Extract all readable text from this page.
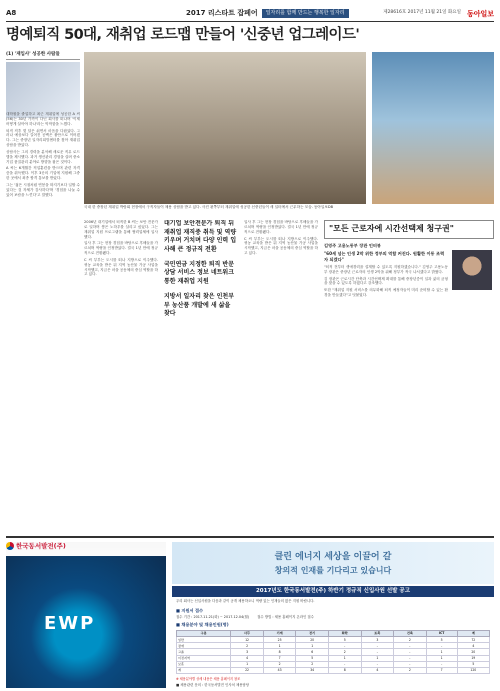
A8	2017 리스타트 잡페어	일자리를 함께 만드는 행복한 일자리	제28616호 2017년 11월 21일 화요일 동아일보
명예퇴직 50대, 재취업 로드맵 만들어 '신중년 업그레이드'
(1) '재입사' 성공한 사람들
국내 한 중장년 재취업 박람회 현장에서 구직자들이 채용 상담을 받고 있다. 사진 왼쪽부터 재취업에 성공한 신중년들이 새 일터에서 근무하는 모습. 동아일보DB

대학원을 졸업하고 최근 재취업에 성공한 A 씨(56)는 30년 가까이 다닌 회사를 떠나며 '이제 어떻게 살아야 하나'라는 막막함을 느꼈다.

퇴직 직후 몇 달은 쉬면서 마음을 다잡았다. 그러나 예상보다 길어진 공백은 불안으로 이어졌다. 그는 중장년 일자리희망센터를 찾아 재취업 상담을 받았다.

상담사는 그의 경력을 분석해 새로운 직무 로드맵을 제시했다. 과거 생산관리 경험을 살려 중소기업 품질관리 분야로 방향을 잡은 것이다.

A 씨는 6개월간 직업훈련을 받으며 관련 자격증을 취득했다. 이후 3곳의 기업에 지원해 그중 한 곳에서 최종 합격 통보를 받았다.

그는 '젊은 시절처럼 연봉을 따지기보다 일할 수 있다는 것 자체가 감사하다'며 '경험을 나눌 수 있어 보람을 느낀다'고 말했다.

2006년 대기업에서 퇴직한 B 씨는 보안 전문가로 일하며 쌓은 노하우를 살리고 싶었다. 그는 재취업 지원 프로그램을 통해 협력업체에 입사했다.

입사 후 그는 현장 경험을 바탕으로 후배들을 가르치며 역량을 인정받았다. 결국 1년 만에 정규직으로 전환됐다.

C 씨 부부는 도시를 떠나 지방으로 이주했다. 귀농 교육을 받은 뒤 지역 농산물 가공 사업을 시작했고, 지금은 마을 공동체의 중심 역할을 하고 있다.

대기업 보안전문가 퇴직 뒤 재취업 재직중 취득 및 역량 키우며 거치며 다양 인력 입사해 큰 정규직 전환
국민연금 지정한 퇴직 반문 상담 서비스 정보 네트워크 통한 재취업 지원
지방서 일자리 찾은 인천부부 농산품 개발에 새 삶을 찾다

입사 후 그는 현장 경험을 바탕으로 후배들을 가르치며 역량을 인정받았다. 결국 1년 만에 정규직으로 전환됐다.

C 씨 부부는 도시를 떠나 지방으로 이주했다. 귀농 교육을 받은 뒤 지역 농산물 가공 사업을 시작했고, 지금은 마을 공동체의 중심 역할을 하고 있다.

"모든 근로자에 시간선택제 청구권"
김영주 고용노동부 장관 인터뷰
"60세 넘는 인생 2막 위한 정부의 역할 커진다. 원활한 이동 조력자 되겠다"

"퇴직 전부터 생애경력을 설계할 수 있도록 지원하겠습니다." 김영주 고용노동부 장관은 중장년 근로자의 인생 2막을 위해 정부가 적극 나서겠다고 밝혔다.

김 장관은 근로시간 단축과 시간선택제 확대를 통해 중장년층이 일과 삶의 균형을 찾을 수 있도록 하겠다고 강조했다.

또한 "재취업 지원 서비스를 의무화해 퇴직 예정자들이 미리 준비할 수 있는 환경을 만들겠다"고 덧붙였다.

한국동서발전(주)
EWP
클린 에너지 세상을 이끌어 갈
창의적 인재를 기다리고 있습니다
2017년도 한국동서발전(주) 하반기 정규직 신입사원 선발 공고
우리 회사는 신입사원을 다음과 같이 공개 채용하오니 역량 있는 인재들의 많은 지원 바랍니다.
■ 지원서 접수
접수 기간 : 2017.11.21(화) ~ 2017.12.04(월) 접수 방법 : 채용 홈페이지 온라인 접수
■ 채용분야 및 채용인원(명)
구분	사무	기계	전기	화학	토목	건축	ICT	계
일반	12	25	20	5	3	2	5	72
장애	2	1	1	-	-	-	-	4
고졸	3	8	6	2	-	-	1	20
이전지역	4	7	5	1	1	-	1	19
보훈	1	2	2	-	-	-	-	5
계	22	43	34	8	4	2	7	120
※ 채용분야별 상세 내용은 채용 홈페이지 참조
■ 채용관련 문의 : 한국동서발전 인사처 채용담당
